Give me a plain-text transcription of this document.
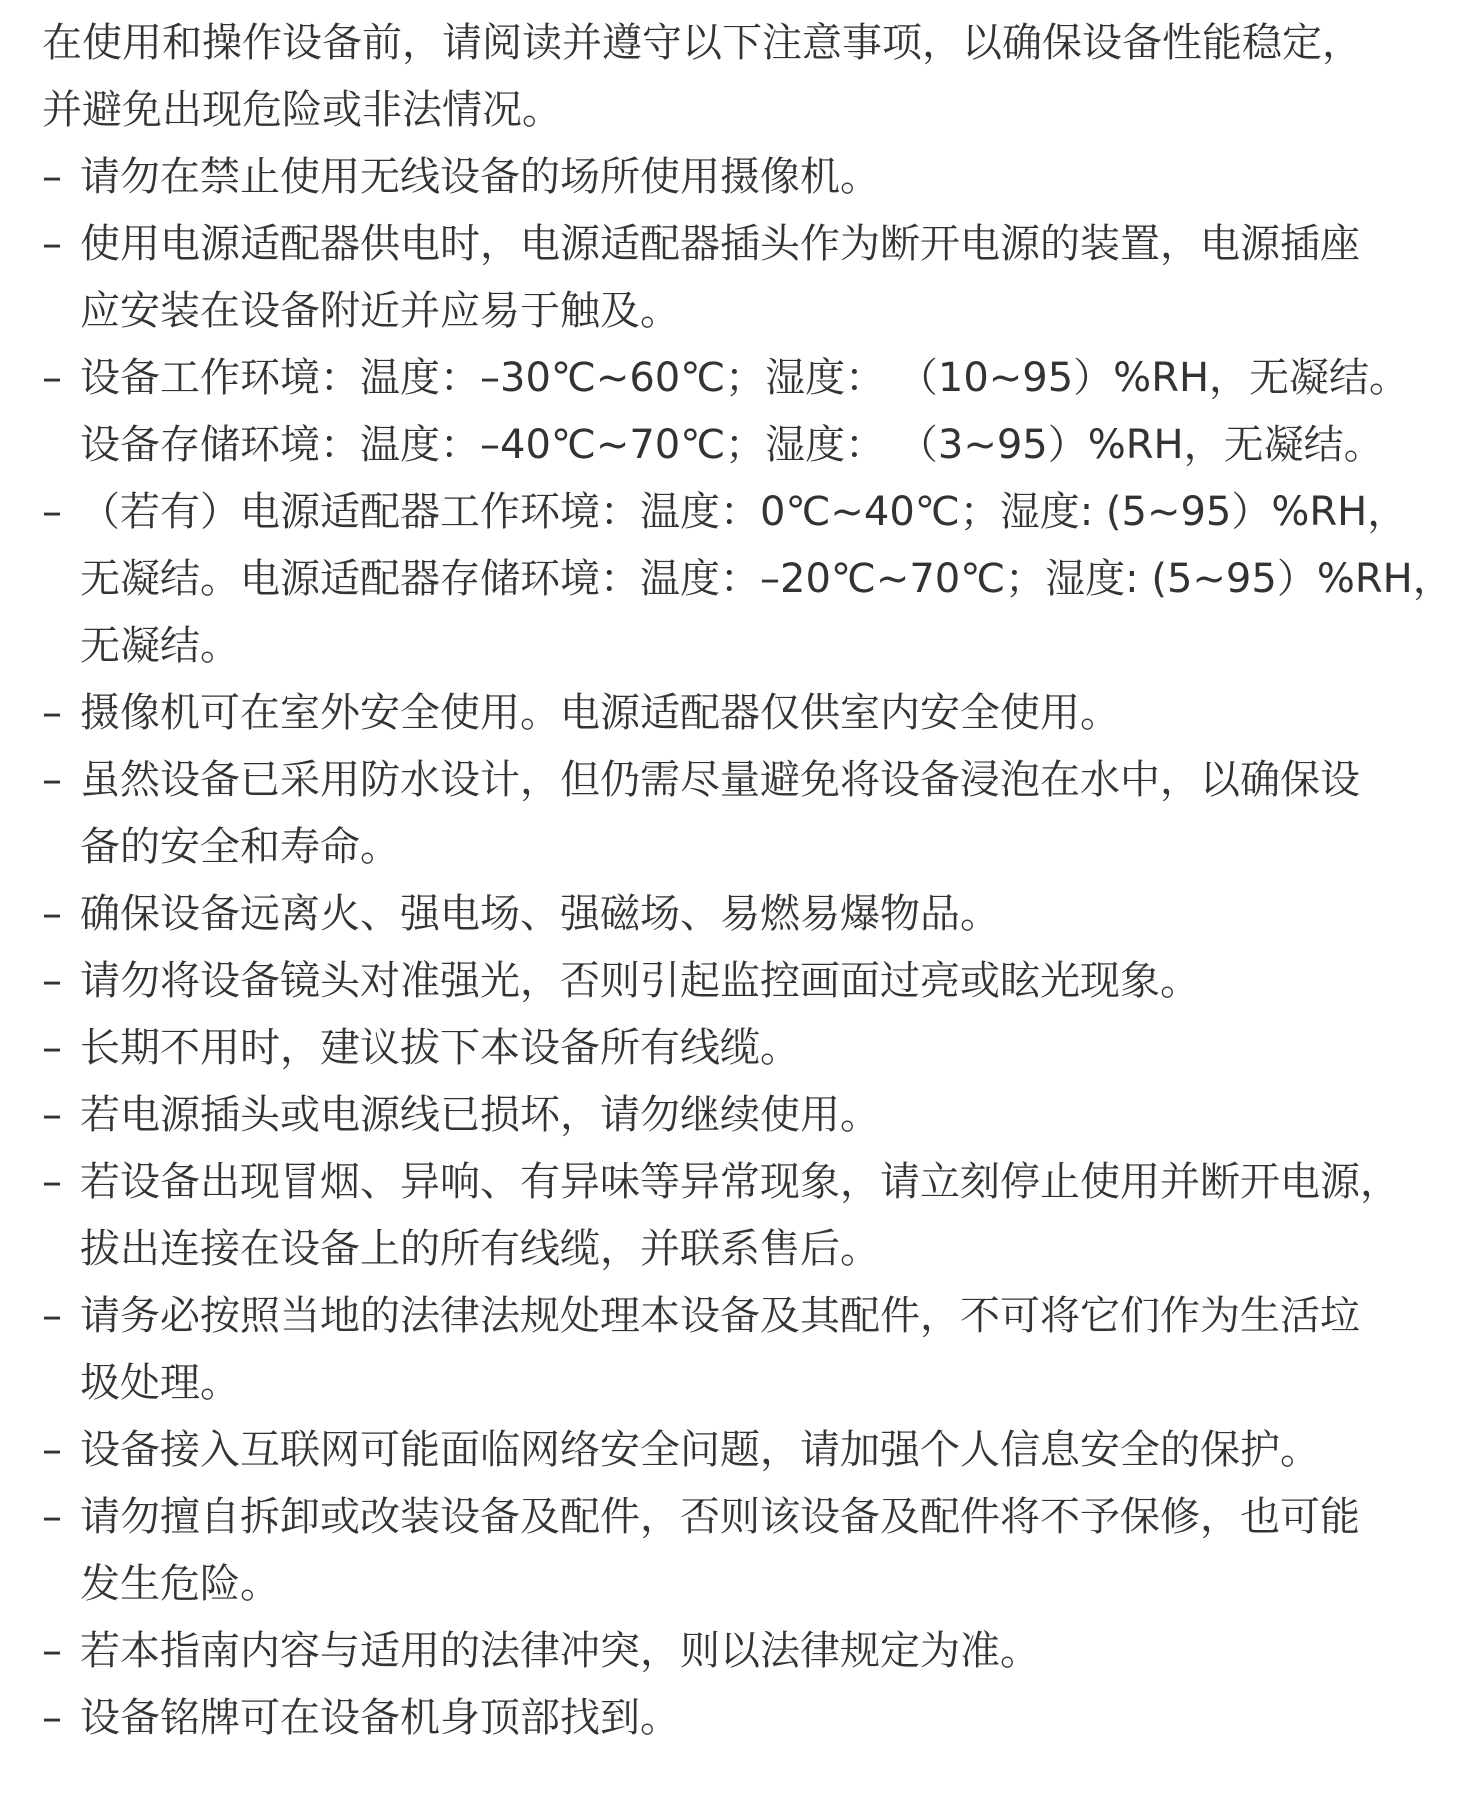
在使用和操作设备前，请阅读并遵守以下注意事项，以确保设备性能稳定，
并避免出现危险或非法情况。
– 请勿在禁止使用无线设备的场所使用摄像机。
– 使用电源适配器供电时，电源适配器插头作为断开电源的装置，电源插座
应安装在设备附近并应易于触及。
– 设备工作环境：温度：–30℃~60℃；湿度： （10~95）%RH，无凝结。
设备存储环境：温度：–40℃~70℃；湿度： （3~95）%RH，无凝结。
– （若有）电源适配器工作环境：温度：0℃~40℃；湿度: (5~95）%RH，
无凝结。电源适配器存储环境：温度：–20℃~70℃；湿度: (5~95）%RH，
无凝结。
– 摄像机可在室外安全使用。电源适配器仅供室内安全使用。
– 虽然设备已采用防水设计，但仍需尽量避免将设备浸泡在水中，以确保设
备的安全和寿命。
– 确保设备远离火、强电场、强磁场、易燃易爆物品。
– 请勿将设备镜头对准强光，否则引起监控画面过亮或眩光现象。
– 长期不用时，建议拔下本设备所有线缆。
– 若电源插头或电源线已损坏，请勿继续使用。
– 若设备出现冒烟、异响、有异味等异常现象，请立刻停止使用并断开电源，
拔出连接在设备上的所有线缆，并联系售后。
– 请务必按照当地的法律法规处理本设备及其配件，不可将它们作为生活垃
圾处理。
– 设备接入互联网可能面临网络安全问题，请加强个人信息安全的保护。
– 请勿擅自拆卸或改装设备及配件，否则该设备及配件将不予保修，也可能
发生危险。
– 若本指南内容与适用的法律冲突，则以法律规定为准。
– 设备铭牌可在设备机身顶部找到。
